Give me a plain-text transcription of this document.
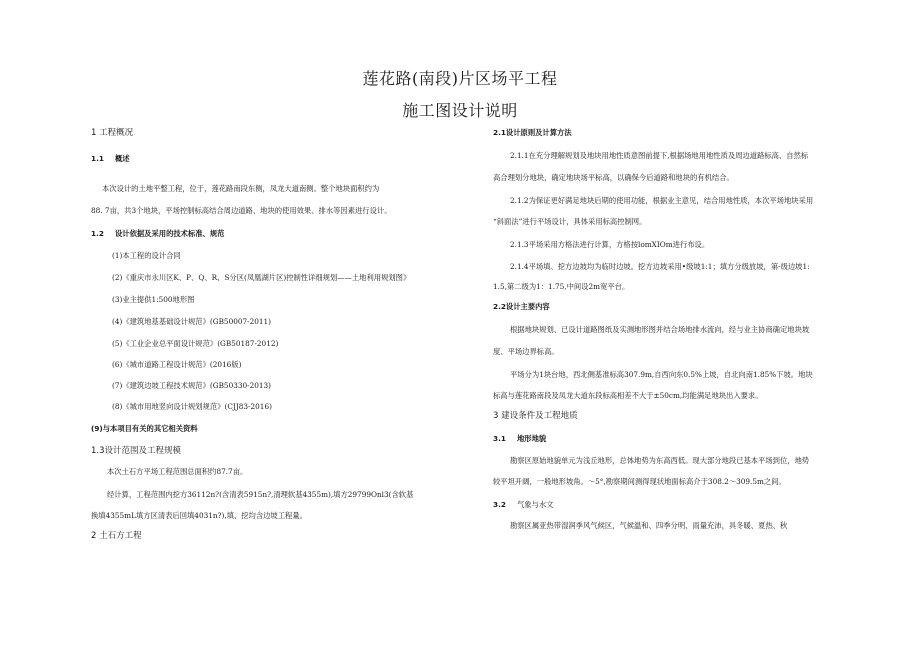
莲花路(南段)片区场平工程
施工图设计说明
1 工程概况
1.1 概述
本次设计的土地平整工程，位于，莲花路南段东侧，凤龙大道南侧。整个地块面积约为
88. 7亩，共3个地块，平场控制标高结合周边道路、地块的使用效果、排水等因素进行设计。
1.2 设计依据及采用的技术标准、规范
(1)本工程的设计合同
(2)《重庆市永川区K、P、Q、R、S分区(凤凰湖片区)控制性详细规划——土地利用规划图》
(3)业主提供1:500地形图
(4)《建筑地基基础设计规范》(GB50007-2011)
(5)《工业企业总平面设计规范》(GB50187-2012)
(6)《城市道路工程设计规范》(2016版)
(7)《建筑边坡工程技术规范》(GB50330-2013)
(8)《城市用地竖向设计规划规范》(CJJ83-2016)
(9)与本项目有关的其它相关资料
1.3设计范围及工程规模
本次土石方平场工程范围总面积约87.7亩。
经计算，工程范围内挖方36112n?(含清表5915n?,清理软基4355m),填方29799Onl3(含软基
换填4355mL填方区清表后回填4031n?),填、挖均含边坡工程量。
2 土石方工程
2.1设计原则及计算方法
2.1.1在充分理解规划及地块用地性质意图前提下,根据场地用地性质及周边道路标高、自然标
高合理划分地块，确定地块场平标高，以确保今后道路和地块的有机结合。
2.1.2为保证更好满足地块后期的使用功能，根据业主意见，结合用地性质，本次平场地块采用
“斜面法”进行平场设计，具体采用标高控制网。
2.1.3平场采用方格法进行计算，方格按lomXIOm进行布设。
2.1.4平场填、挖方边坡均为临时边坡。挖方边坡采用•级坡1:1；填方分级放坡，第-级边坡1:
1.5,第二级为1：1.75,中间设2m宽平台。
2.2设计主要内容
根据地块规划、已设计道路图纸及实测地形图并结合场地排水流向，经与业主协商确定地块坡
度、平场边界标高。
平场分为1块台地，西北侧基准标高307.9m,自西向东0.5%上坡，自北向南1.85%下坡。地块
标高与莲花路南段及凤龙大道东段标高相差不大于±50cm,均能满足地块出入要求。
3 建设条件及工程地质
3.1 地形地貌
勘察区原始地貌单元为浅丘地形，总体地势为东高西低。现大部分地段已基本平场到位，地势
较平坦开阔，一般地形坡角。～5°,勘察期间测得现状地面标高介于308.2～309.5m之间。
3.2 气象与水文
勘察区属亚热带湿润季风气候区，气候温和、四季分明、雨量充沛，具冬暖、夏热、秋
